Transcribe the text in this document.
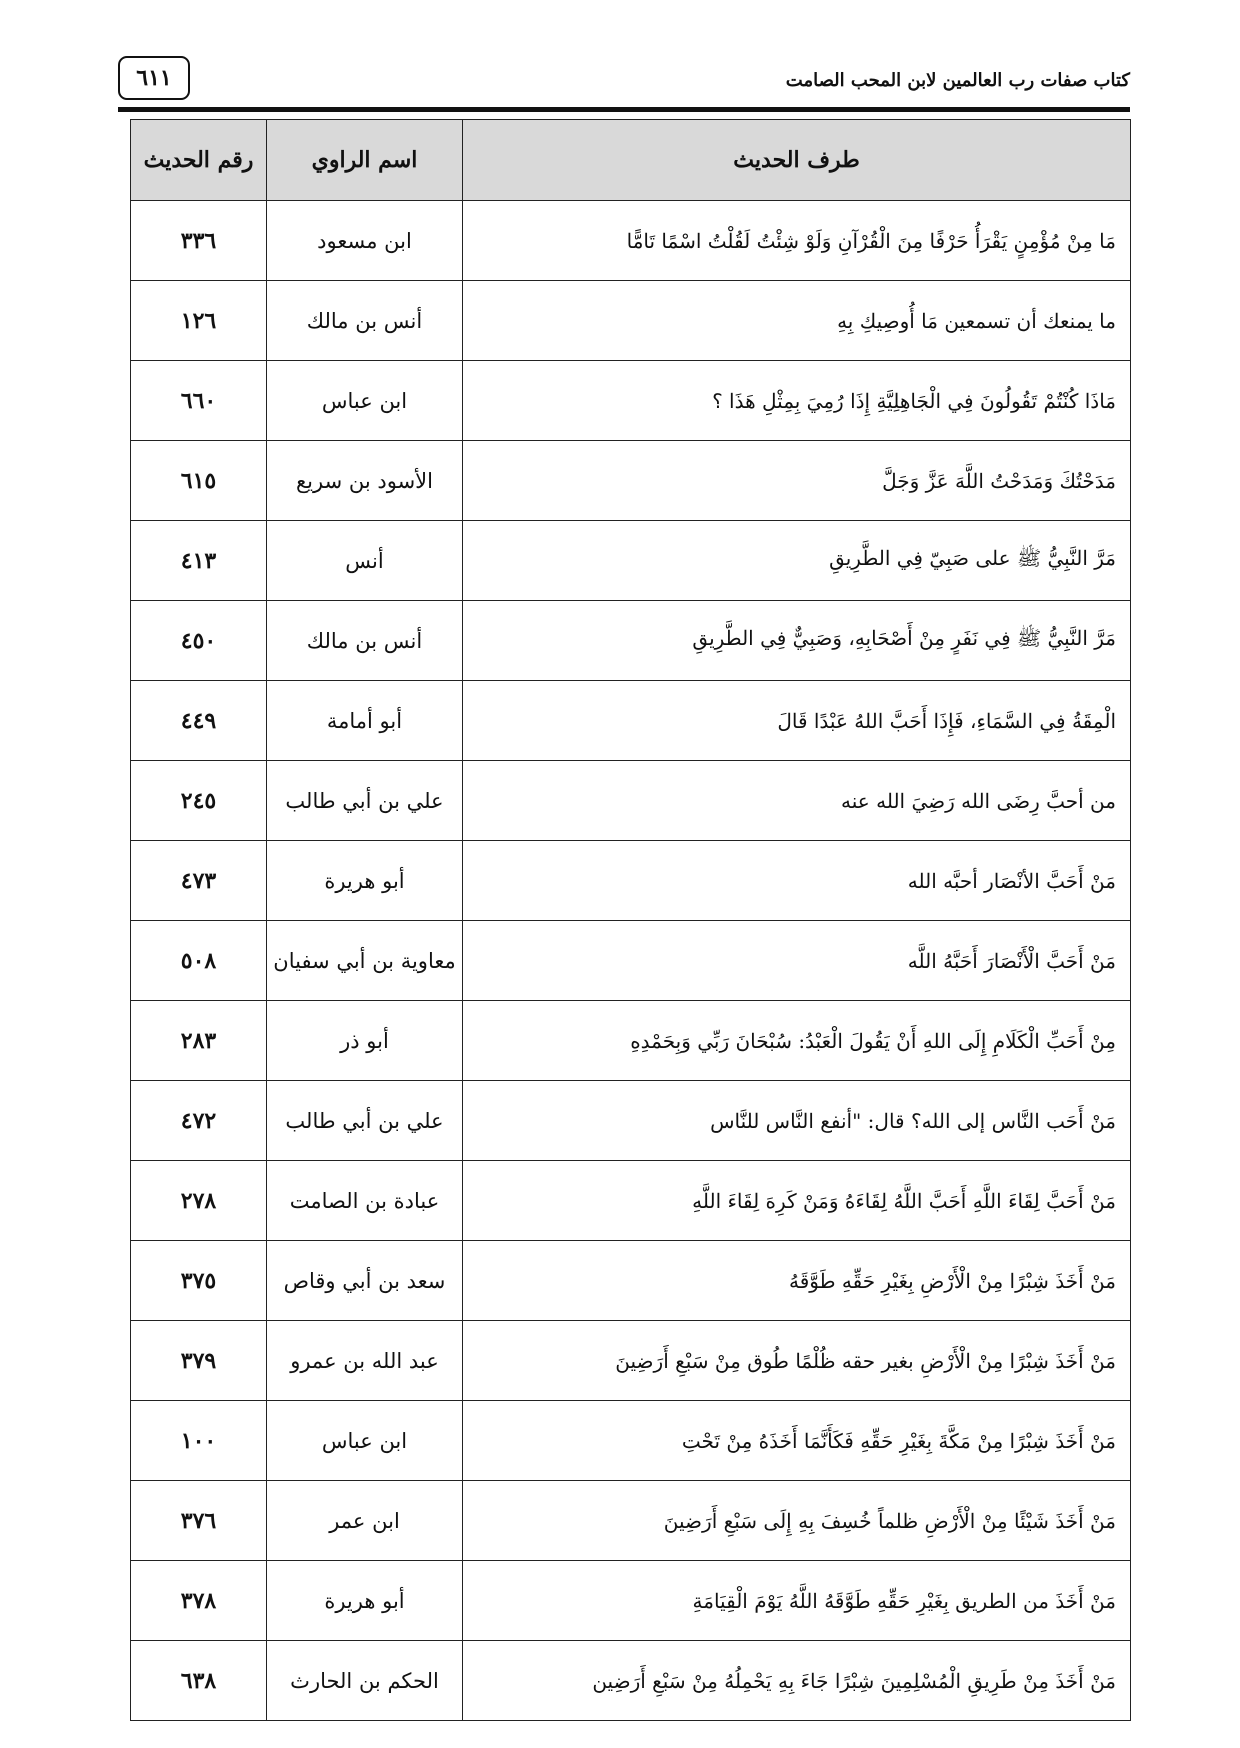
٦١١	كتاب صفات رب العالمين لابن المحب الصامت
طرف الحديث	اسم الراوي	رقم الحديث
مَا مِنْ مُؤْمِنٍ يَقْرَأُ حَرْفًا مِنَ الْقُرْآنِ وَلَوْ شِئْتُ لَقُلْتُ اسْمًا تَامًّا	ابن مسعود	٣٣٦
ما يمنعك أن تسمعين مَا أُوصِيكِ بِهِ	أنس بن مالك	١٢٦
مَاذَا كُنْتُمْ تَقُولُونَ فِي الْجَاهِلِيَّةِ إِذَا رُمِيَ بِمِثْلِ هَذَا ؟	ابن عباس	٦٦٠
مَدَحْتُكَ وَمَدَحْتُ اللَّهَ عَزَّ وَجَلَّ	الأسود بن سريع	٦١٥
مَرَّ النَّبِيُّ ﷺ على صَبِيّ فِي الطَّرِيقِ	أنس	٤١٣
مَرَّ النَّبِيُّ ﷺ فِي نَفَرٍ مِنْ أَصْحَابِهِ، وَصَبِيٌّ فِي الطَّرِيقِ	أنس بن مالك	٤٥٠
الْمِقَةُ فِي السَّمَاءِ، فَإِذَا أَحَبَّ اللهُ عَبْدًا قَالَ	أبو أمامة	٤٤٩
من أحبَّ رِضَى الله رَضِيَ الله عنه	علي بن أبي طالب	٢٤٥
مَنْ أَحَبَّ الأنْصَار أحبَّه الله	أبو هريرة	٤٧٣
مَنْ أَحَبَّ الْأَنْصَارَ أَحَبَّهُ اللَّه	معاوية بن أبي سفيان	٥٠٨
مِنْ أَحَبِّ الْكَلَامِ إِلَى اللهِ أَنْ يَقُولَ الْعَبْدُ: سُبْحَانَ رَبِّي وَبِحَمْدِهِ	أبو ذر	٢٨٣
مَنْ أَحَب النَّاس إلى الله؟ قال: "أنفع النَّاس للنَّاس	علي بن أبي طالب	٤٧٢
مَنْ أَحَبَّ لِقَاءَ اللَّهِ أَحَبَّ اللَّهُ لِقَاءَهُ وَمَنْ كَرِهَ لِقَاءَ اللَّهِ	عبادة بن الصامت	٢٧٨
مَنْ أَخَذَ شِبْرًا مِنْ الْأَرْضِ بِغَيْرِ حَقِّهِ طَوَّقَهُ	سعد بن أبي وقاص	٣٧٥
مَنْ أَخَذَ شِبْرًا مِنْ الْأَرْضِ بغير حقه ظُلْمًا طُوق مِنْ سَبْعِ أَرَضِينَ	عبد الله بن عمرو	٣٧٩
مَنْ أَخَذَ شِبْرًا مِنْ مَكَّةَ بِغَيْرِ حَقِّهِ فَكَأَنَّمَا أَخَذَهُ مِنْ تَحْتِ	ابن عباس	١٠٠
مَنْ أَخَذَ شَيْئًا مِنْ الْأَرْضِ ظلماً خُسِفَ بِهِ إِلَى سَبْعِ أَرَضِينَ	ابن عمر	٣٧٦
مَنْ أَخَذَ من الطريق بِغَيْرِ حَقِّهِ طَوَّقَهُ اللَّهُ يَوْمَ الْقِيَامَةِ	أبو هريرة	٣٧٨
مَنْ أَخَذَ مِنْ طَرِيقِ الْمُسْلِمِينَ شِبْرًا جَاءَ بِهِ يَحْمِلُهُ مِنْ سَبْعِ أَرَضِين	الحكم بن الحارث	٦٣٨
